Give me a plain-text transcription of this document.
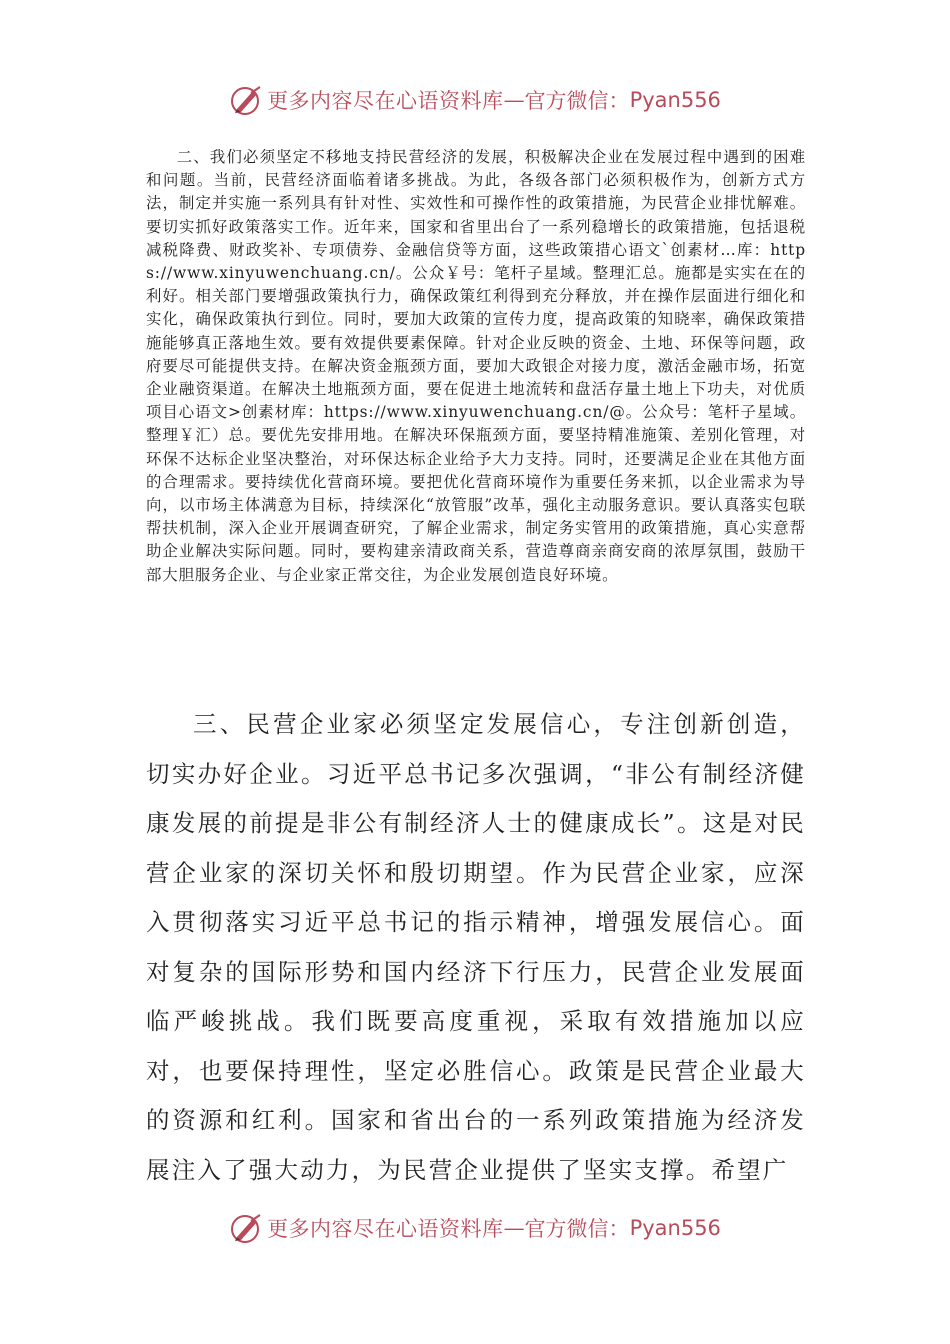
更多内容尽在心语资料库 — 官方微信： Pyan556

二、我们必须坚定不移地支持民营经济的发展，积极解决企业在发展过程中遇到的困难和问题。当前，民营经济面临着诸多挑战。为此，各级各部门必须积极作为，创新方式方法，制定并实施一系列具有针对性、实效性和可操作性的政策措施，为民营企业排忧解难。要切实抓好政策落实工作。近年来，国家和省里出台了一系列稳增长的政策措施，包括退税减税降费、财政奖补、专项债券、金融信贷等方面，这些政策措心语文`创素材…库：https://www.xinyuwenchuang.cn/。公众￥号：笔杆子星域。整理汇总。施都是实实在在的利好。相关部门要增强政策执行力，确保政策红利得到充分释放，并在操作层面进行细化和实化，确保政策执行到位。同时，要加大政策的宣传力度，提高政策的知晓率，确保政策措施能够真正落地生效。要有效提供要素保障。针对企业反映的资金、土地、环保等问题，政府要尽可能提供支持。在解决资金瓶颈方面，要加大政银企对接力度，激活金融市场，拓宽企业融资渠道。在解决土地瓶颈方面，要在促进土地流转和盘活存量土地上下功夫，对优质项目心语文>创素材库：https://www.xinyuwenchuang.cn/@。公众号：笔杆子星域。整理￥汇）总。要优先安排用地。在解决环保瓶颈方面，要坚持精准施策、差别化管理，对环保不达标企业坚决整治，对环保达标企业给予大力支持。同时，还要满足企业在其他方面的合理需求。要持续优化营商环境。要把优化营商环境作为重要任务来抓，以企业需求为导向，以市场主体满意为目标，持续深化“放管服”改革，强化主动服务意识。要认真落实包联帮扶机制，深入企业开展调查研究，了解企业需求，制定务实管用的政策措施，真心实意帮助企业解决实际问题。同时，要构建亲清政商关系，营造尊商亲商安商的浓厚氛围，鼓励干部大胆服务企业、与企业家正常交往，为企业发展创造良好环境。

三、民营企业家必须坚定发展信心，专注创新创造，切实办好企业。习近平总书记多次强调，“非公有制经济健康发展的前提是非公有制经济人士的健康成长”。这是对民营企业家的深切关怀和殷切期望。作为民营企业家，应深入贯彻落实习近平总书记的指示精神，增强发展信心。面对复杂的国际形势和国内经济下行压力，民营企业发展面临严峻挑战。我们既要高度重视，采取有效措施加以应对，也要保持理性，坚定必胜信心。政策是民营企业最大的资源和红利。国家和省出台的一系列政策措施为经济发展注入了强大动力，为民营企业提供了坚实支撑。希望广

更多内容尽在心语资料库 — 官方微信： Pyan556
